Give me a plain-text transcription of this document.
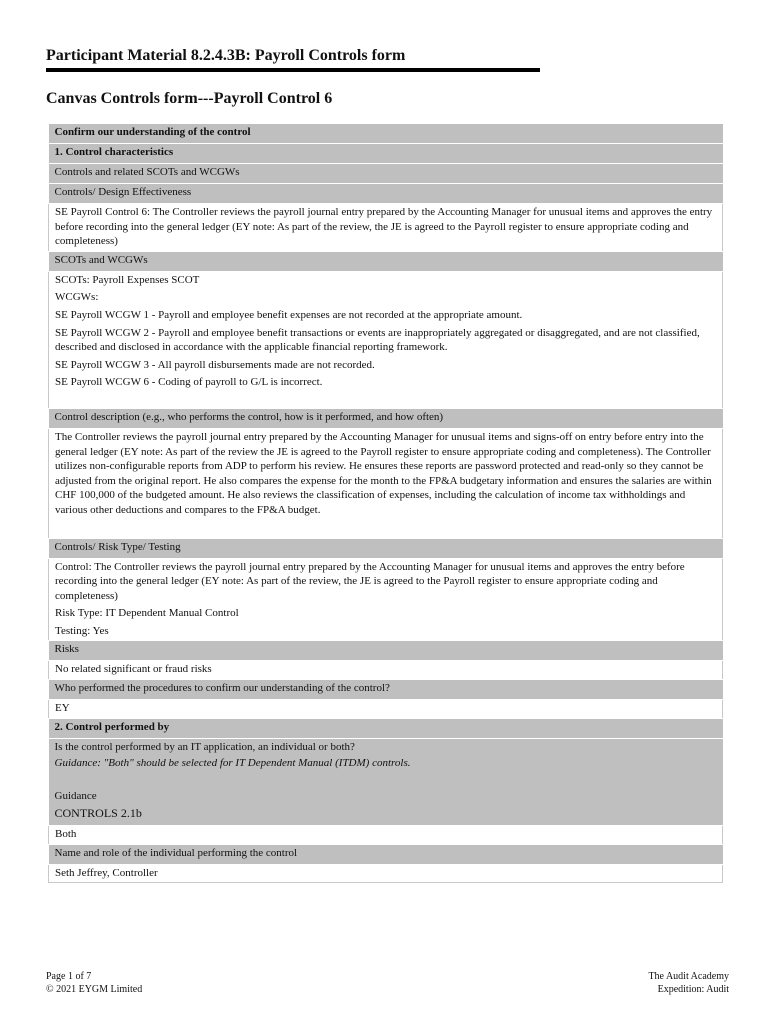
Participant Material 8.2.4.3B: Payroll Controls form
Canvas Controls form---Payroll Control 6
Confirm our understanding of the control
1. Control characteristics
Controls and related SCOTs and WCGWs
Controls/ Design Effectiveness
SE Payroll Control 6: The Controller reviews the payroll journal entry prepared by the Accounting Manager for unusual items and approves the entry before recording into the general ledger (EY note: As part of the review, the JE is agreed to the Payroll register to ensure appropriate coding and completeness)
SCOTs and WCGWs

SCOTs: Payroll Expenses SCOT
WCGWs:
SE Payroll WCGW 1 - Payroll and employee benefit expenses are not recorded at the appropriate amount.
SE Payroll WCGW 2 - Payroll and employee benefit transactions or events are inappropriately aggregated or disaggregated, and are not classified, described and disclosed in accordance with the applicable financial reporting framework.
SE Payroll WCGW 3 - All payroll disbursements made are not recorded.
SE Payroll WCGW 6 - Coding of payroll to G/L is incorrect.

Control description (e.g., who performs the control, how is it performed, and how often)
The Controller reviews the payroll journal entry prepared by the Accounting Manager for unusual items and signs-off on entry before entry into the general ledger (EY note: As part of the review the JE is agreed to the Payroll register to ensure appropriate coding and completeness). The Controller utilizes non-configurable reports from ADP to perform his review. He ensures these reports are password protected and read-only so they cannot be adjusted from the original report. He also compares the expense for the month to the FP&A budgetary information and ensures the salaries are within CHF 100,000 of the budgeted amount. He also reviews the classification of expenses, including the calculation of income tax withholdings and various other deductions and compares to the FP&A budget.
Controls/ Risk Type/ Testing

Control: The Controller reviews the payroll journal entry prepared by the Accounting Manager for unusual items and approves the entry before recording into the general ledger (EY note: As part of the review, the JE is agreed to the Payroll register to ensure appropriate coding and completeness)
Risk Type: IT Dependent Manual Control
Testing: Yes

Risks
No related significant or fraud risks
Who performed the procedures to confirm our understanding of the control?
EY
2. Control performed by

Is the control performed by an IT application, an individual or both?
Guidance: "Both" should be selected for IT Dependent Manual (ITDM) controls.
Guidance
CONTROLS 2.1b

Both
Name and role of the individual performing the control
Seth Jeffrey, Controller
Page 1 of 7
© 2021 EYGM Limited
The Audit Academy
Expedition: Audit
